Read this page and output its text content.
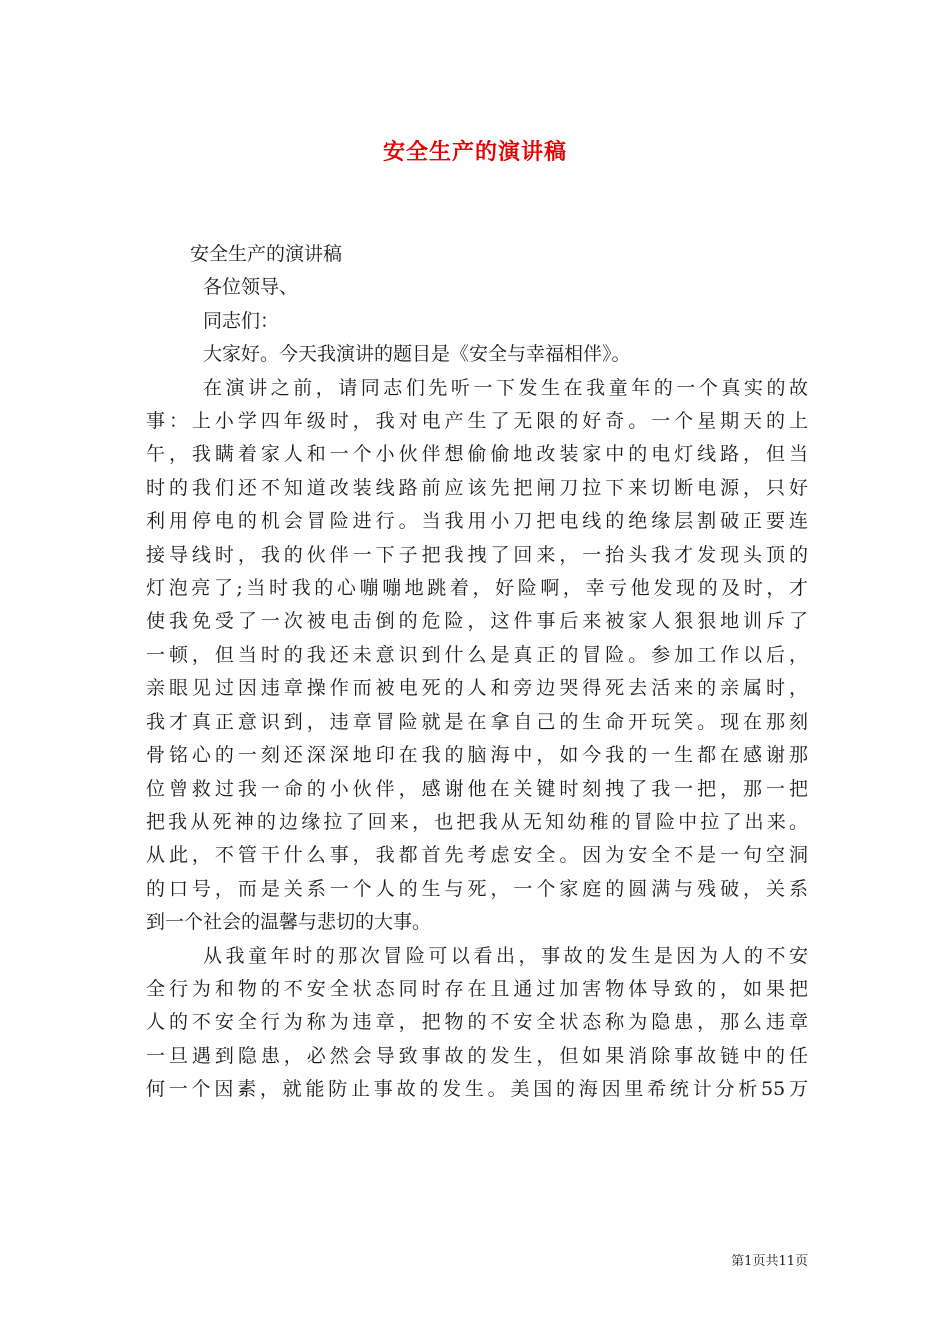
安全生产的演讲稿
安全生产的演讲稿
各位领导、
同志们：
大家好。今天我演讲的题目是《安全与幸福相伴》。
在演讲之前，请同志们先听一下发生在我童年的一个真实的故
事：上小学四年级时，我对电产生了无限的好奇。一个星期天的上
午，我瞒着家人和一个小伙伴想偷偷地改装家中的电灯线路，但当
时的我们还不知道改装线路前应该先把闸刀拉下来切断电源，只好
利用停电的机会冒险进行。当我用小刀把电线的绝缘层割破正要连
接导线时，我的伙伴一下子把我拽了回来，一抬头我才发现头顶的
灯泡亮了;当时我的心嘣嘣地跳着，好险啊，幸亏他发现的及时，才
使我免受了一次被电击倒的危险，这件事后来被家人狠狠地训斥了
一顿，但当时的我还未意识到什么是真正的冒险。参加工作以后，
亲眼见过因违章操作而被电死的人和旁边哭得死去活来的亲属时，
我才真正意识到，违章冒险就是在拿自己的生命开玩笑。现在那刻
骨铭心的一刻还深深地印在我的脑海中，如今我的一生都在感谢那
位曾救过我一命的小伙伴，感谢他在关键时刻拽了我一把，那一把
把我从死神的边缘拉了回来，也把我从无知幼稚的冒险中拉了出来。
从此，不管干什么事，我都首先考虑安全。因为安全不是一句空洞
的口号，而是关系一个人的生与死，一个家庭的圆满与残破，关系
到一个社会的温馨与悲切的大事。
从我童年时的那次冒险可以看出，事故的发生是因为人的不安
全行为和物的不安全状态同时存在且通过加害物体导致的，如果把
人的不安全行为称为违章，把物的不安全状态称为隐患，那么违章
一旦遇到隐患，必然会导致事故的发生，但如果消除事故链中的任
何一个因素，就能防止事故的发生。美国的海因里希统计分析55万
第1页共11页
